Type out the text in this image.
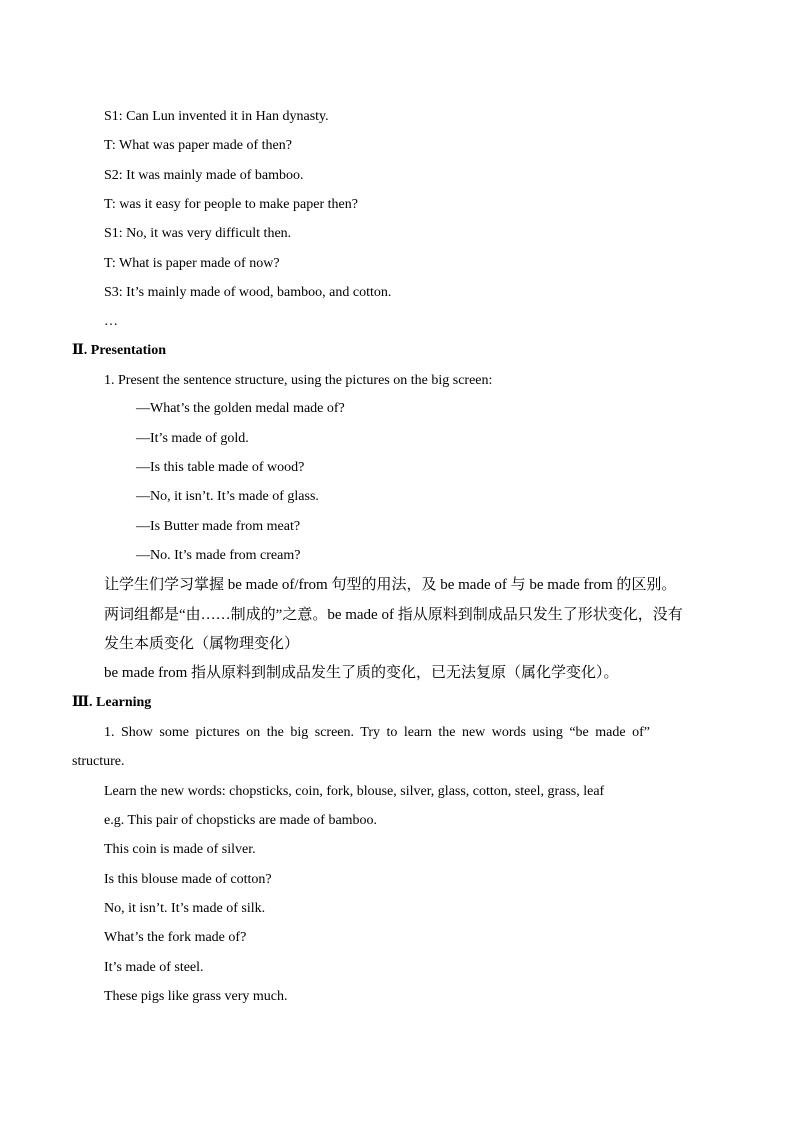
S1: Can Lun invented it in Han dynasty.
T: What was paper made of then?
S2: It was mainly made of bamboo.
T: was it easy for people to make paper then?
S1: No, it was very difficult then.
T: What is paper made of now?
S3: It’s mainly made of wood, bamboo, and cotton.
…
Ⅱ. Presentation
1. Present the sentence structure, using the pictures on the big screen:
—What’s the golden medal made of?
—It’s made of gold.
—Is this table made of wood?
—No, it isn’t. It’s made of glass.
—Is Butter made from meat?
—No. It’s made from cream?
让学生们学习掌握 be made of/from 句型的用法，及 be made of 与 be made from 的区别。
两词组都是“由……制成的”之意。be made of 指从原料到制成品只发生了形状变化，没有
发生本质变化（属物理变化）
be made from 指从原料到制成品发生了质的变化，已无法复原（属化学变化）。
Ⅲ. Learning
1. Show some pictures on the big screen. Try to learn the new words using “be made of”
structure.
Learn the new words: chopsticks, coin, fork, blouse, silver, glass, cotton, steel, grass, leaf
e.g. This pair of chopsticks are made of bamboo.
This coin is made of silver.
Is this blouse made of cotton?
No, it isn’t. It’s made of silk.
What’s the fork made of?
It’s made of steel.
These pigs like grass very much.
